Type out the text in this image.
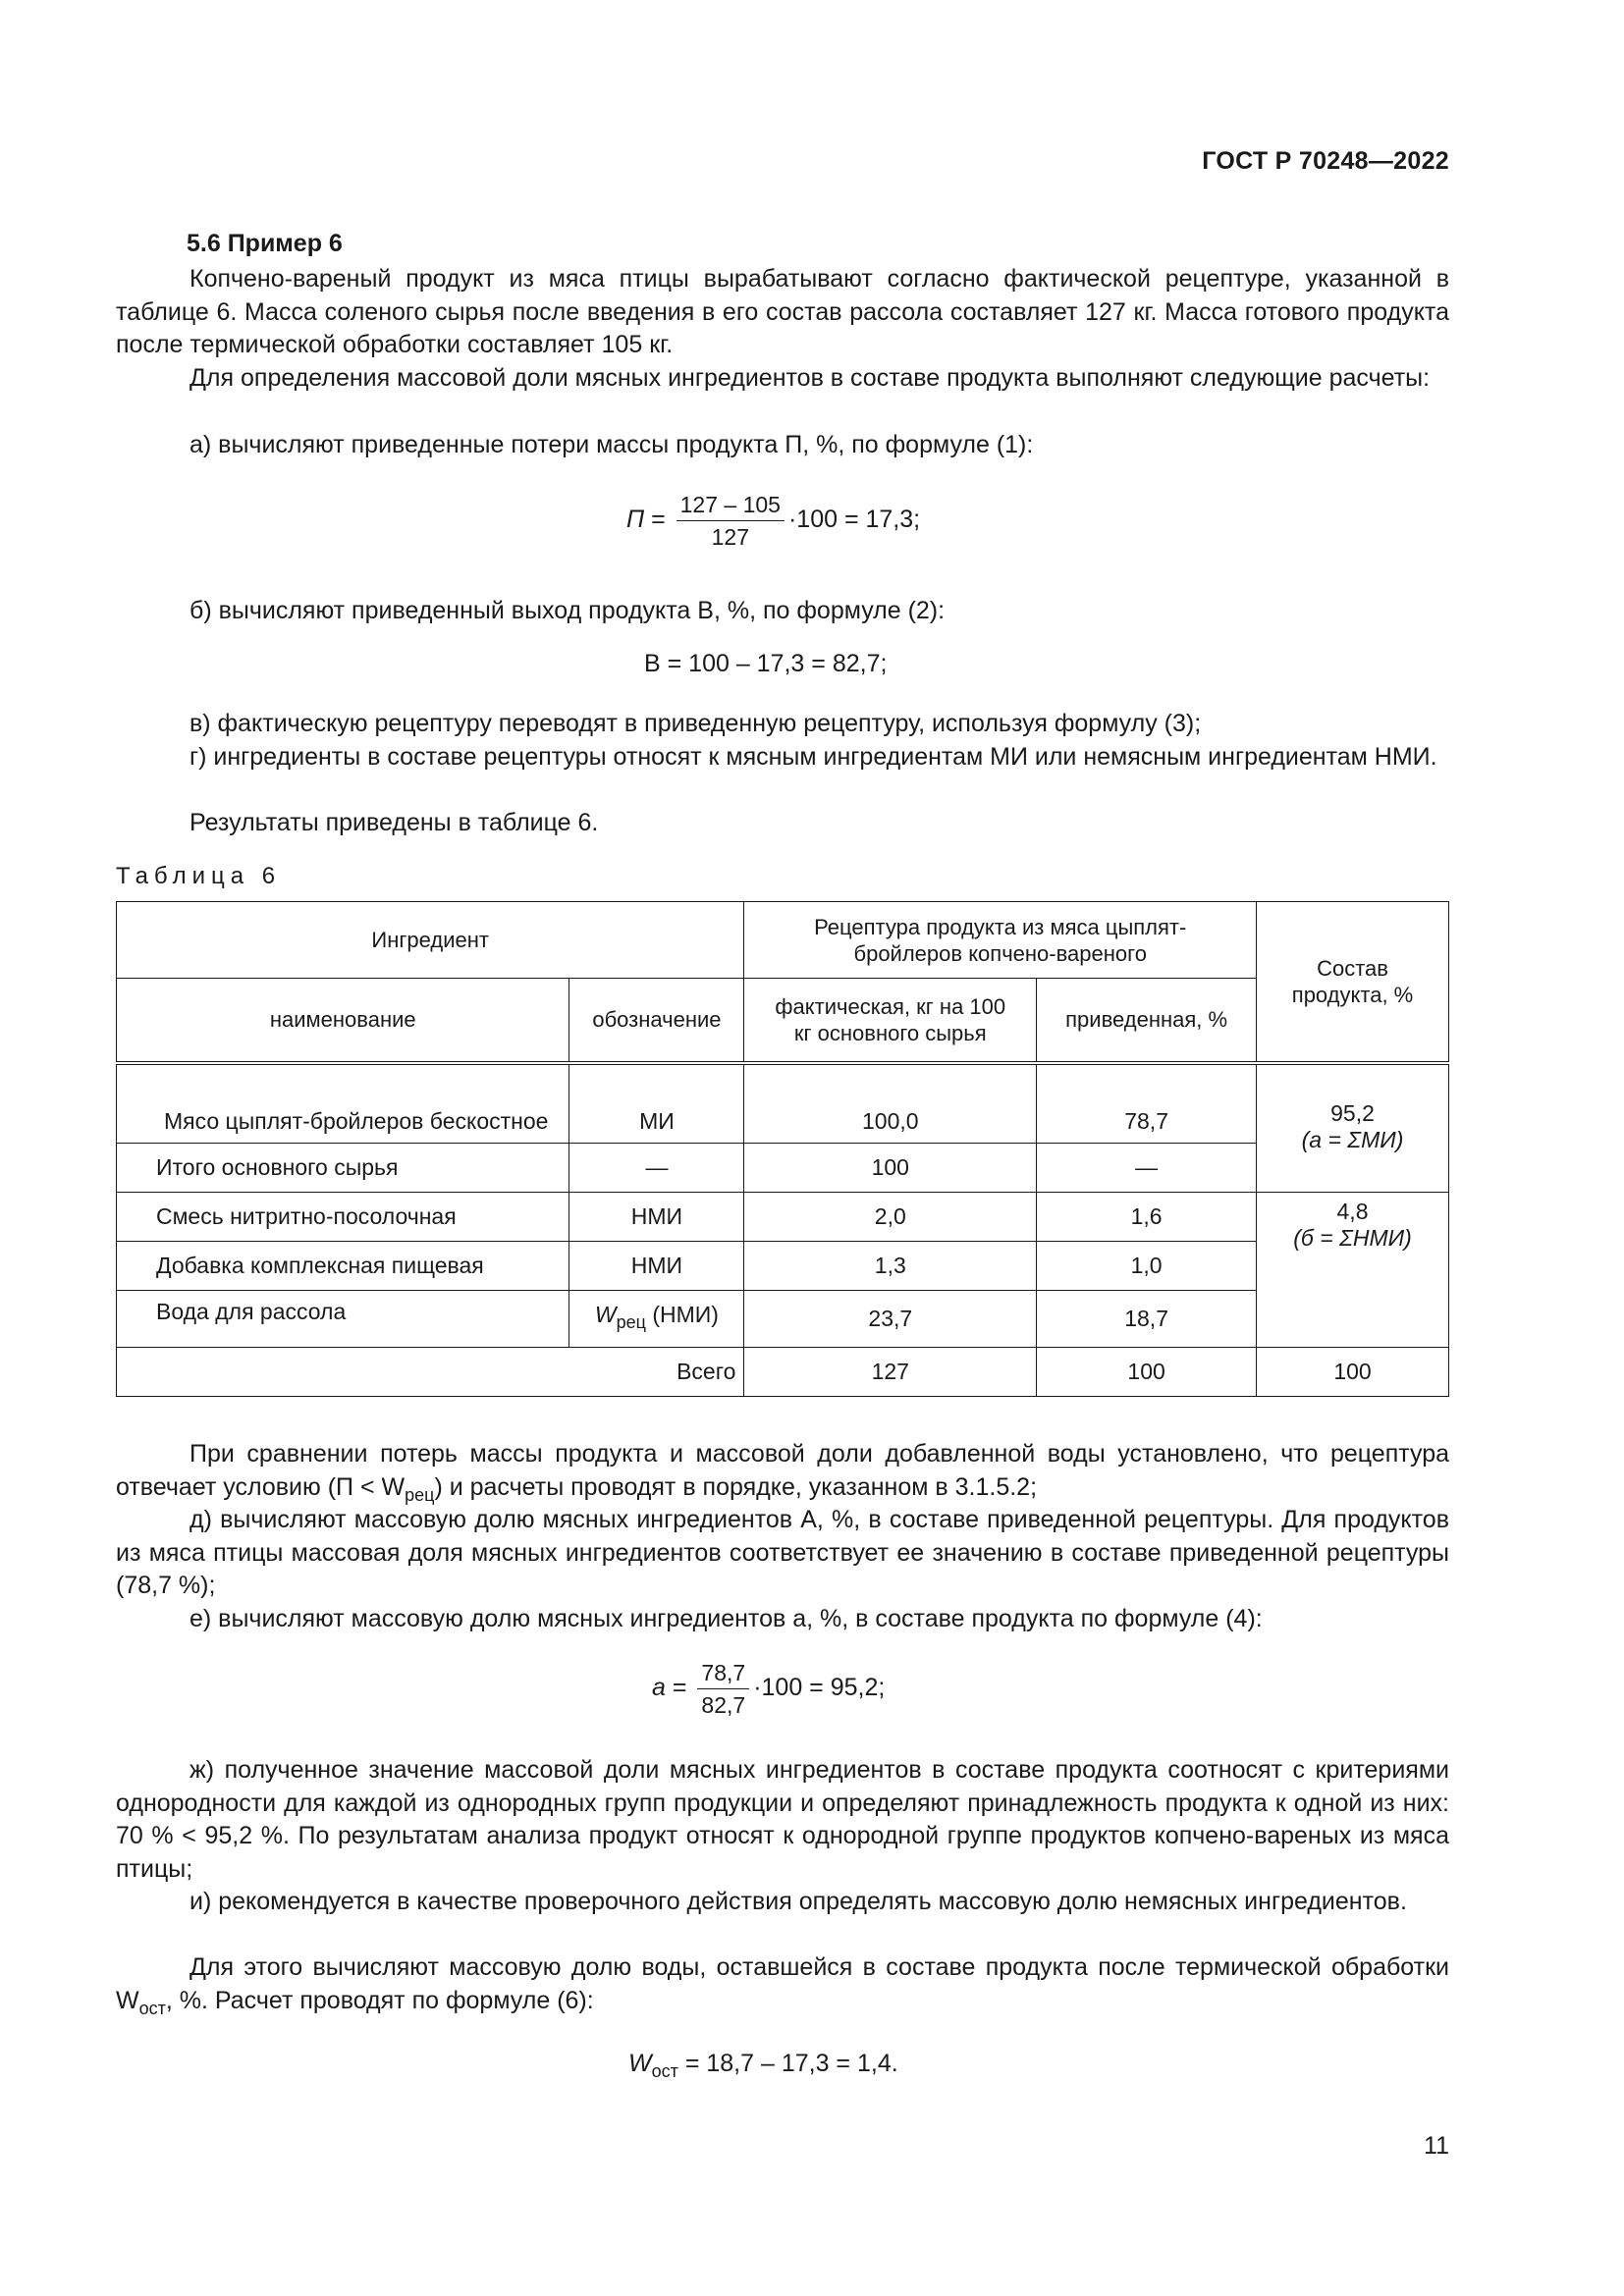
ГОСТ Р 70248—2022
5.6 Пример 6

Копчено-вареный продукт из мяса птицы вырабатывают согласно фактической рецептуре, указанной в таблице 6. Масса соленого сырья после введения в его состав рассола составляет 127 кг. Масса готового продукта после термической обработки составляет 105 кг.

Для определения массовой доли мясных ингредиентов в составе продукта выполняют следующие расчеты:

а) вычисляют приведенные потери массы продукта П, %, по формуле (1):

$П = \frac{127 - 105}{127} \cdot 100 = 17,3$;

б) вычисляют приведенный выход продукта В, %, по формуле (2):

В = 100 – 17,3 = 82,7;

в) фактическую рецептуру переводят в приведенную рецептуру, используя формулу (3);

г) ингредиенты в составе рецептуры относят к мясным ингредиентам МИ или немясным ингредиентам НМИ.

Результаты приведены в таблице 6.

Таблица 6
Ингредиент		Рецептура продукта из мяса цыплят-бройлеров копчено-вареного		Состав продукта, %
наименование	обозначение	фактическая, кг на 100 кг основного сырья	приведенная, %	
Мясо цыплят-бройлеров бескостное	МИ	100,0	78,7	95,2
(а = ΣМИ)

Итого основного сырья	—	100	—	
Смесь нитритно-посолочная	НМИ	2,0	1,6	4,8
(б = ΣНМИ)

Добавка комплексная пищевая	НМИ	1,3	1,0	
Вода для рассола	$W_{рец}$ (НМИ)	23,7	18,7	
Всего		127	100	100

При сравнении потерь массы продукта и массовой доли добавленной воды установлено, что рецептура отвечает условию $(П < W_{рец})$ и расчеты проводят в порядке, указанном в 3.1.5.2;

д) вычисляют массовую долю мясных ингредиентов А, %, в составе приведенной рецептуры. Для продуктов из мяса птицы массовая доля мясных ингредиентов соответствует ее значению в составе приведенной рецептуры (78,7 %);

е) вычисляют массовую долю мясных ингредиентов а, %, в составе продукта по формуле (4):

$a = \frac{78,7}{82,7} \cdot 100 = 95,2$;

ж) полученное значение массовой доли мясных ингредиентов в составе продукта соотносят с критериями однородности для каждой из однородных групп продукции и определяют принадлежность продукта к одной из них: 70 % < 95,2 %. По результатам анализа продукт относят к однородной группе продуктов копчено-вареных из мяса птицы;

и) рекомендуется в качестве проверочного действия определять массовую долю немясных ингредиентов.

Для этого вычисляют массовую долю воды, оставшейся в составе продукта после термической обработки $W_{ост}$, %. Расчет проводят по формуле (6):

$W_{ост} = 18,7 - 17,3 = 1,4$.
11
